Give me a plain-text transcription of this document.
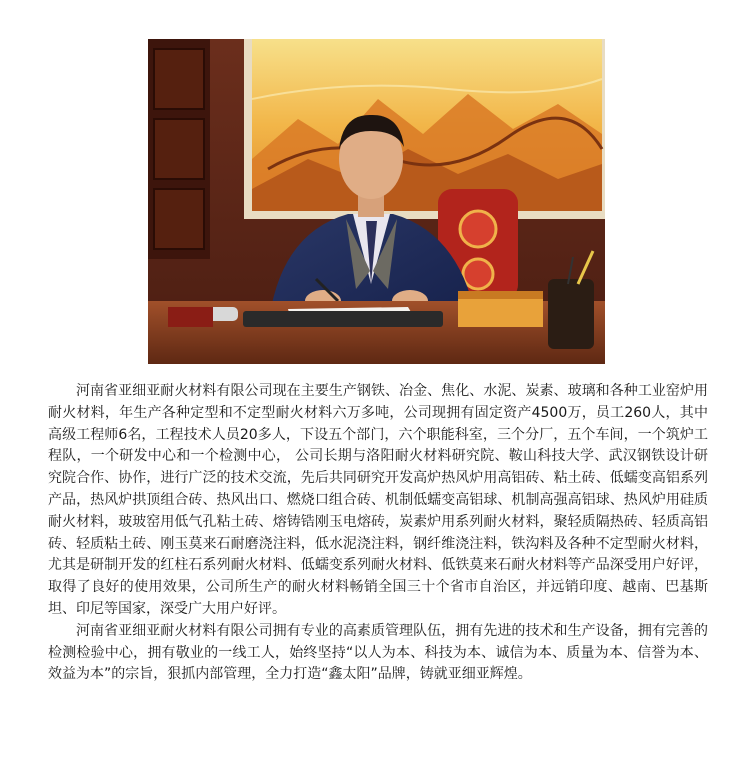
河南省亚细亚耐火材料有限公司现在主要生产钢铁、冶金、焦化、水泥、炭素、玻璃和各种工业窑炉用耐火材料，年生产各种定型和不定型耐火材料六万多吨，公司现拥有固定资产4500万，员工260人，其中高级工程师6名，工程技术人员20多人，下设五个部门，六个职能科室，三个分厂，五个车间，一个筑炉工程队，一个研发中心和一个检测中心， 公司长期与洛阳耐火材料研究院、鞍山科技大学、武汉钢铁设计研究院合作、协作，进行广泛的技术交流，先后共同研究开发高炉热风炉用高铝砖、粘土砖、低蠕变高铝系列产品，热风炉拱顶组合砖、热风出口、燃烧口组合砖、机制低蠕变高铝球、机制高强高铝球、热风炉用硅质耐火材料，玻玻窑用低气孔粘土砖、熔铸锆刚玉电熔砖，炭素炉用系列耐火材料，聚轻质隔热砖、轻质高铝砖、轻质粘土砖、刚玉莫来石耐磨浇注料，低水泥浇注料，钢纤维浇注料，铁沟料及各种不定型耐火材料，尤其是研制开发的红柱石系列耐火材料、低蠕变系列耐火材料、低铁莫来石耐火材料等产品深受用户好评，取得了良好的使用效果，公司所生产的耐火材料畅销全国三十个省市自治区，并远销印度、越南、巴基斯坦、印尼等国家，深受广大用户好评。

河南省亚细亚耐火材料有限公司拥有专业的高素质管理队伍，拥有先进的技术和生产设备，拥有完善的检测检验中心，拥有敬业的一线工人，始终坚持“以人为本、科技为本、诚信为本、质量为本、信誉为本、效益为本”的宗旨，狠抓内部管理，全力打造“鑫太阳”品牌，铸就亚细亚辉煌。
